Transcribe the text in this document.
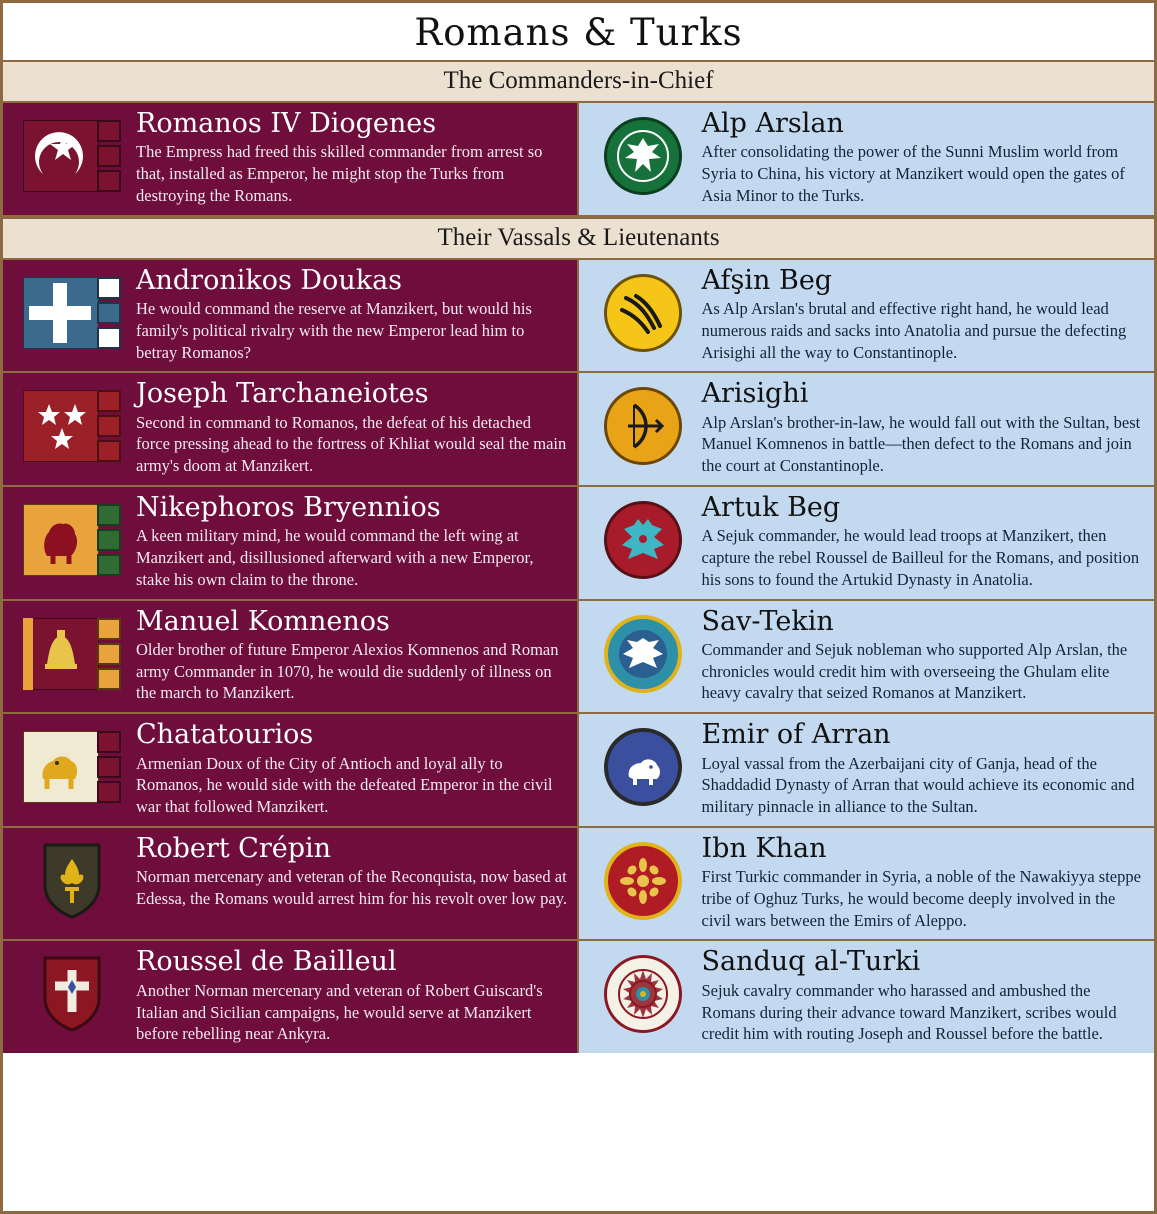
Romans & Turks
The Commanders-in-Chief
Romanos IV Diogenes

The Empress had freed this skilled commander from arrest so that, installed as Emperor, he might stop the Turks from destroying the Romans.

Alp Arslan

After consolidating the power of the Sunni Muslim world from Syria to China, his victory at Manzikert would open the gates of Asia Minor to the Turks.

Their Vassals & Lieutenants
Andronikos Doukas

He would command the reserve at Manzikert, but would his family's political rivalry with the new Emperor lead him to betray Romanos?

Afşin Beg

As Alp Arslan's brutal and effective right hand, he would lead numerous raids and sacks into Anatolia and pursue the defecting Arisighi all the way to Constantinople.

Joseph Tarchaneiotes

Second in command to Romanos, the defeat of his detached force pressing ahead to the fortress of Khliat would seal the main army's doom at Manzikert.

Arisighi

Alp Arslan's brother-in-law, he would fall out with the Sultan, best Manuel Komnenos in battle—then defect to the Romans and join the court at Constantinople.

Nikephoros Bryennios

A keen military mind, he would command the left wing at Manzikert and, disillusioned afterward with a new Emperor, stake his own claim to the throne.

Artuk Beg

A Sejuk commander, he would lead troops at Manzikert, then capture the rebel Roussel de Bailleul for the Romans, and position his sons to found the Artukid Dynasty in Anatolia.

Manuel Komnenos

Older brother of future Emperor Alexios Komnenos and Roman army Commander in 1070, he would die suddenly of illness on the march to Manzikert.

Sav-Tekin

Commander and Sejuk nobleman who supported Alp Arslan, the chronicles would credit him with overseeing the Ghulam elite heavy cavalry that seized Romanos at Manzikert.

Chatatourios

Armenian Doux of the City of Antioch and loyal ally to Romanos, he would side with the defeated Emperor in the civil war that followed Manzikert.

Emir of Arran

Loyal vassal from the Azerbaijani city of Ganja, head of the Shaddadid Dynasty of Arran that would achieve its economic and military pinnacle in alliance to the Sultan.

Robert Crépin

Norman mercenary and veteran of the Reconquista, now based at Edessa, the Romans would arrest him for his revolt over low pay.

Ibn Khan

First Turkic commander in Syria, a noble of the Nawakiyya steppe tribe of Oghuz Turks, he would become deeply involved in the civil wars between the Emirs of Aleppo.

Roussel de Bailleul

Another Norman mercenary and veteran of Robert Guiscard's Italian and Sicilian campaigns, he would serve at Manzikert before rebelling near Ankyra.

Sanduq al-Turki

Sejuk cavalry commander who harassed and ambushed the Romans during their advance toward Manzikert, scribes would credit him with routing Joseph and Roussel before the battle.
